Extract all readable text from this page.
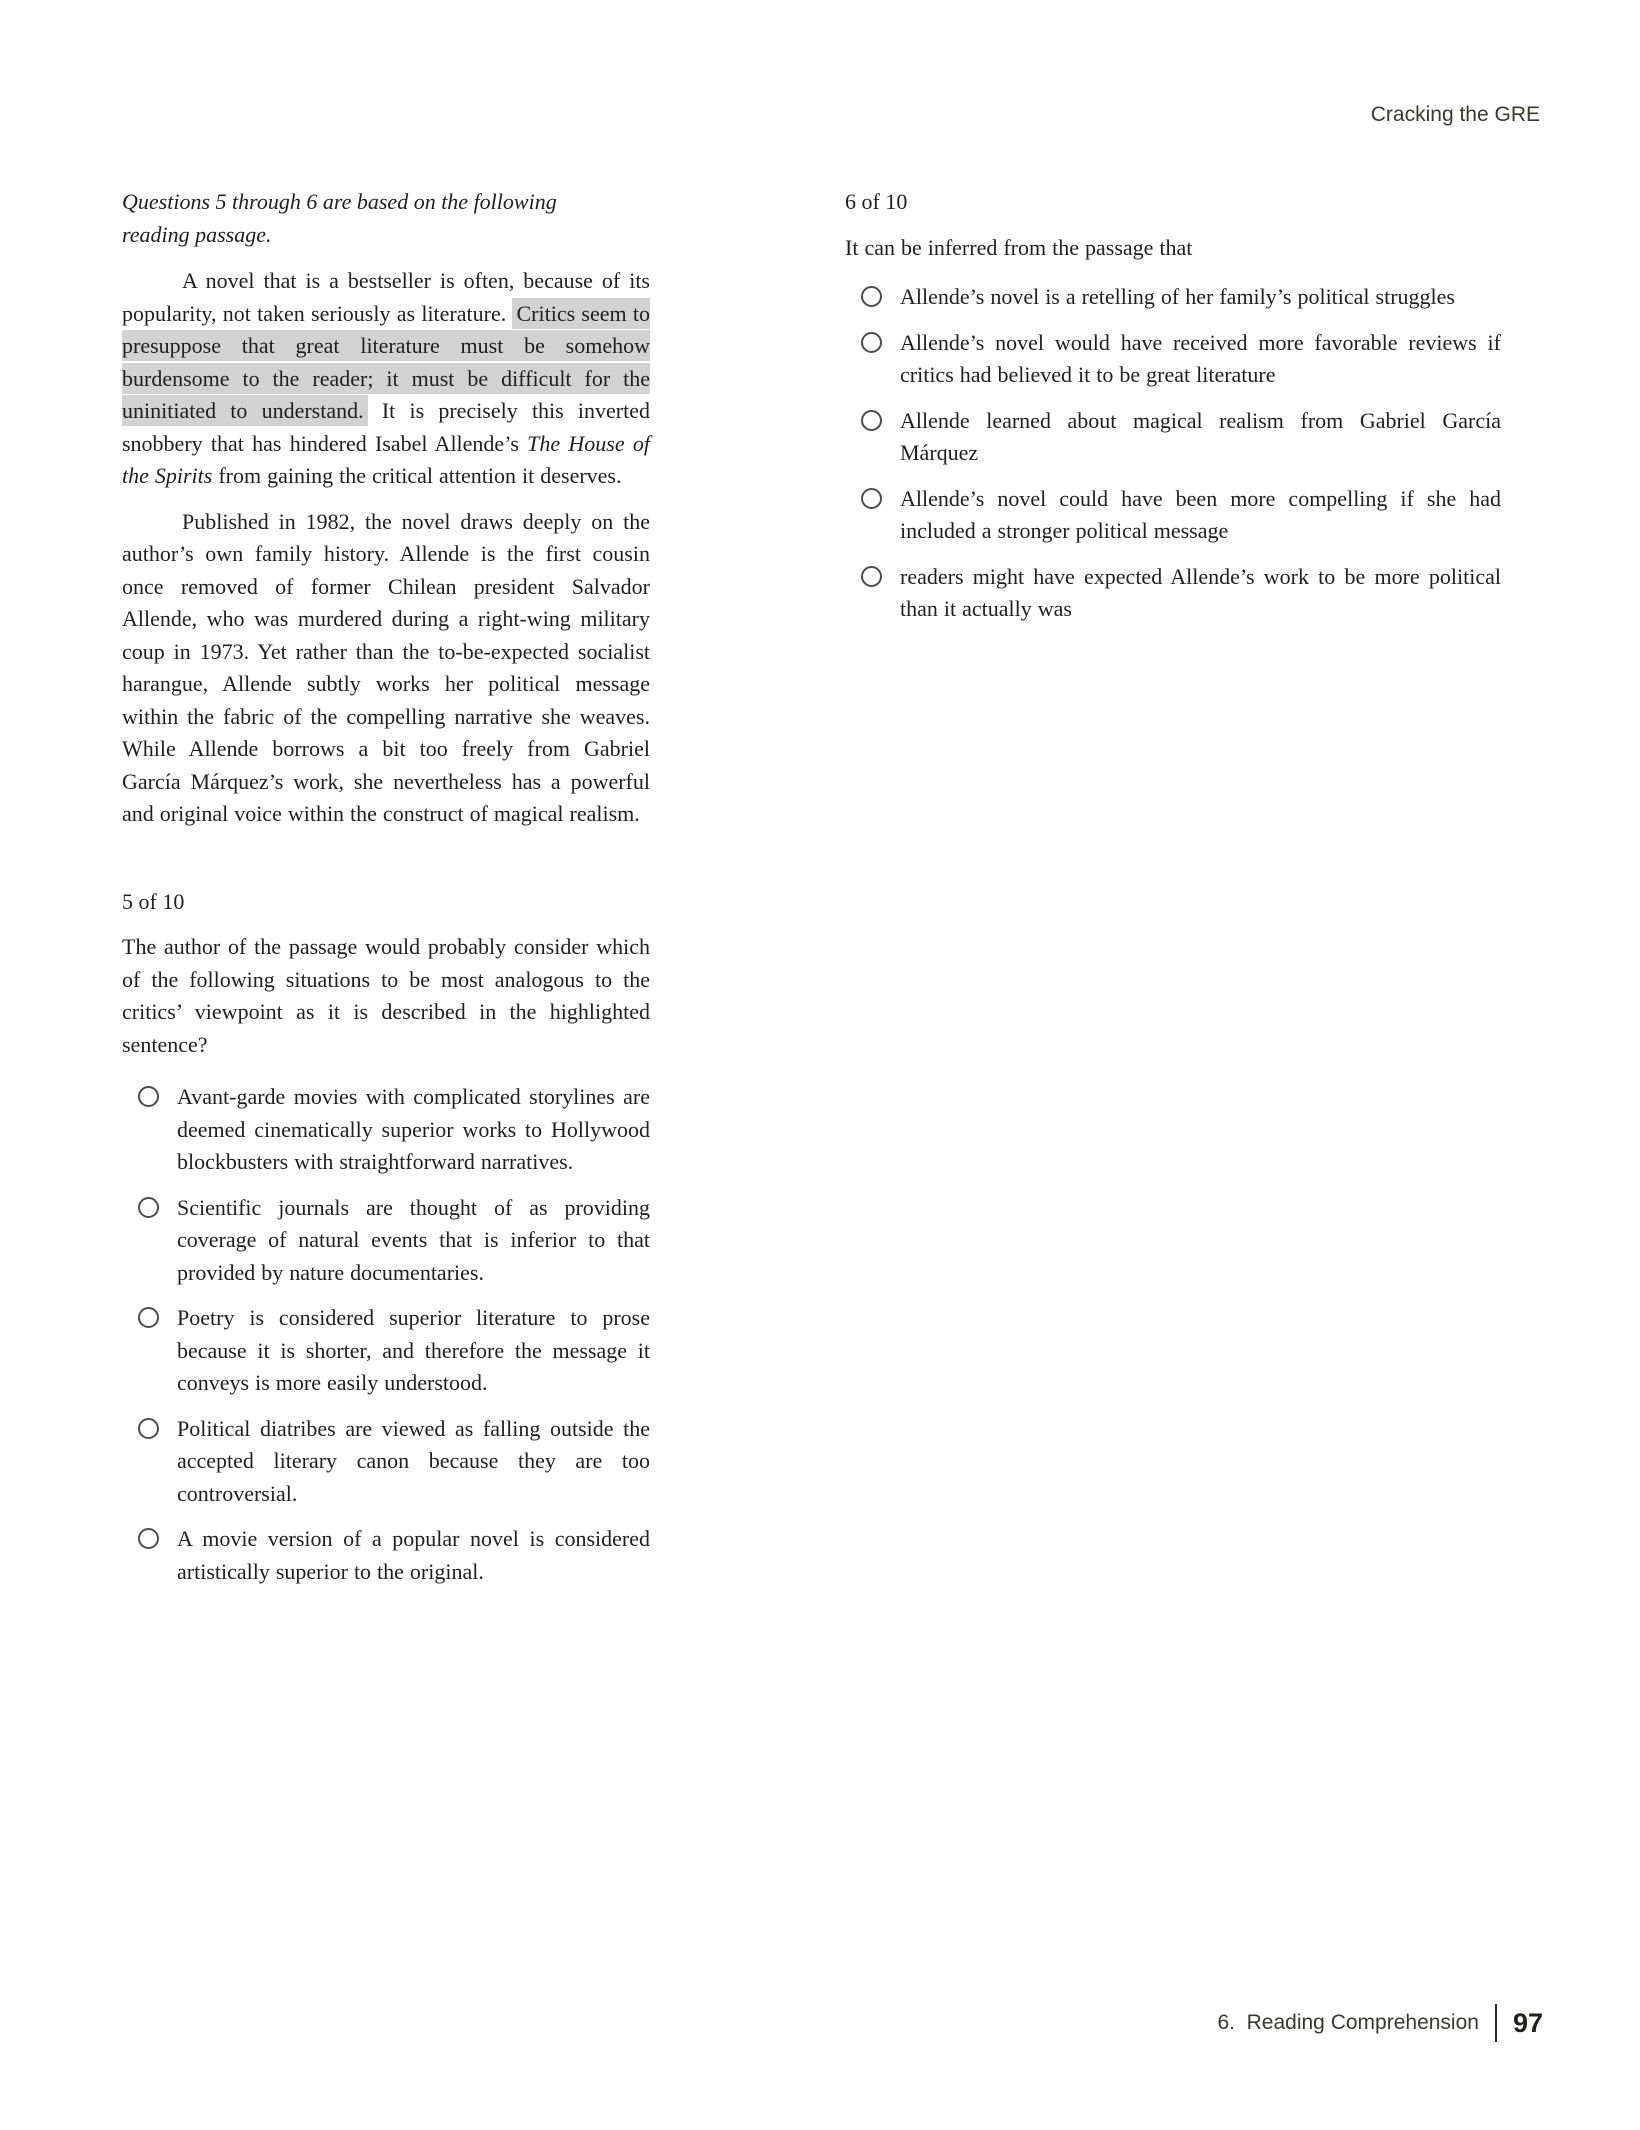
Cracking the GRE

Questions 5 through 6 are based on the following reading passage.

A novel that is a bestseller is often, because of its popularity, not taken seriously as literature. Critics seem to presuppose that great literature must be somehow burdensome to the reader; it must be difficult for the uninitiated to understand. It is precisely this inverted snobbery that has hindered Isabel Allende’s The House of the Spirits from gaining the critical attention it deserves.

Published in 1982, the novel draws deeply on the author’s own family history. Allende is the first cousin once removed of former Chilean president Salvador Allende, who was murdered during a right-wing military coup in 1973. Yet rather than the to-be-expected socialist harangue, Allende subtly works her political message within the fabric of the compelling narrative she weaves. While Allende borrows a bit too freely from Gabriel García Márquez’s work, she nevertheless has a powerful and original voice within the construct of magical realism.

5 of 10

The author of the passage would probably consider which of the following situations to be most analogous to the critics’ viewpoint as it is described in the highlighted sentence?

Avant-garde movies with complicated storylines are deemed cinematically superior works to Hollywood blockbusters with straightforward narratives.
Scientific journals are thought of as providing coverage of natural events that is inferior to that provided by nature documentaries.
Poetry is considered superior literature to prose because it is shorter, and therefore the message it conveys is more easily understood.
Political diatribes are viewed as falling outside the accepted literary canon because they are too controversial.
A movie version of a popular novel is considered artistically superior to the original.
6 of 10

It can be inferred from the passage that

Allende’s novel is a retelling of her family’s political struggles
Allende’s novel would have received more favorable reviews if critics had believed it to be great literature
Allende learned about magical realism from Gabriel García Márquez
Allende’s novel could have been more compelling if she had included a stronger political message
readers might have expected Allende’s work to be more political than it actually was
6.  Reading Comprehension 97
